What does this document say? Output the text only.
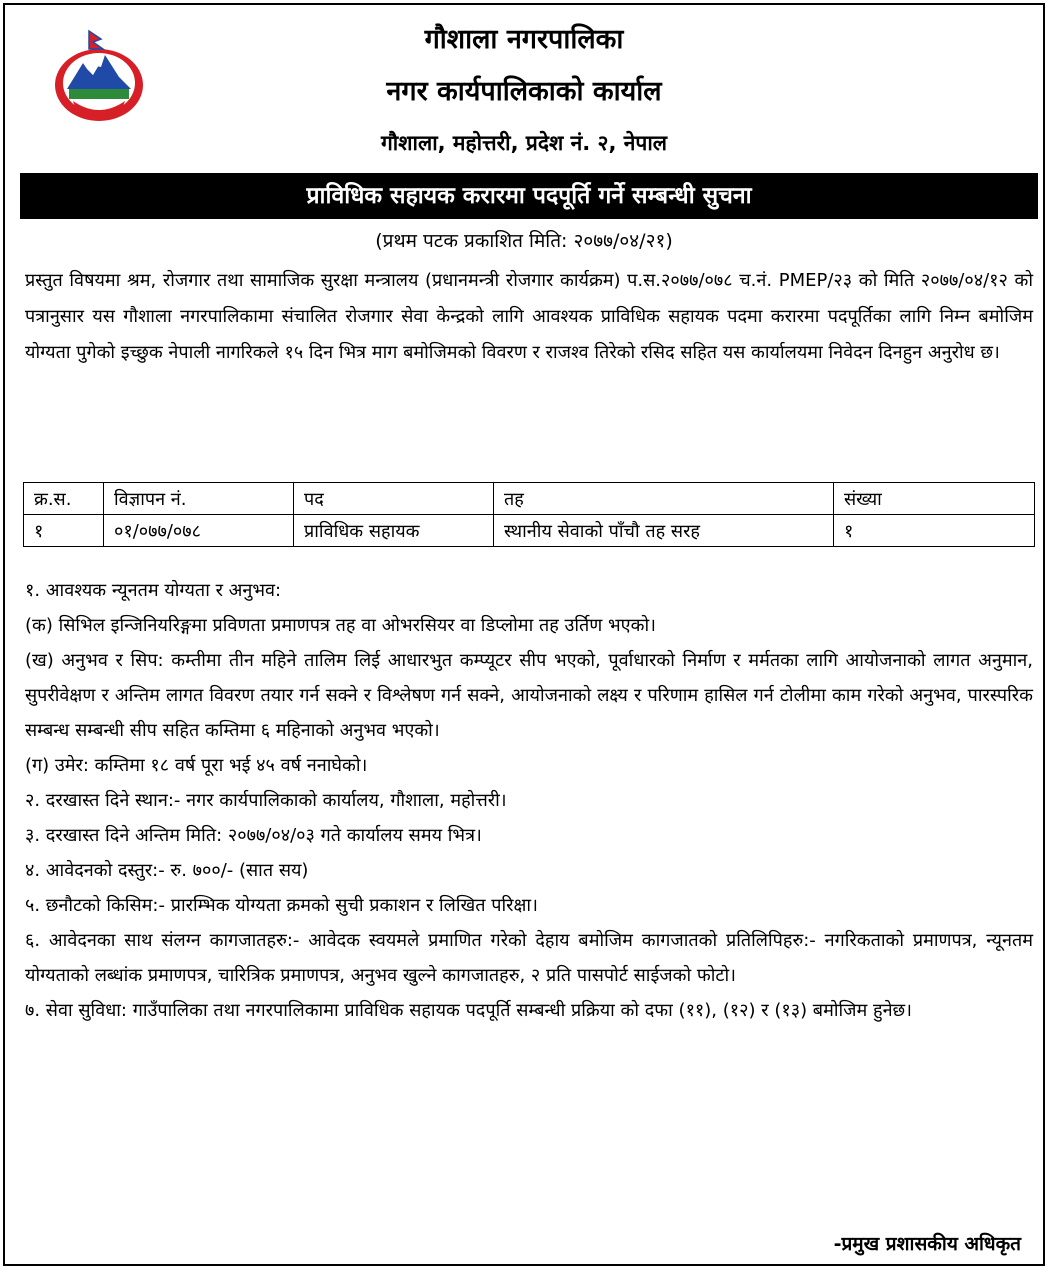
गौशाला नगरपालिका
नगर कार्यपालिकाको कार्याल
गौशाला, महोत्तरी, प्रदेश नं. २, नेपाल
प्राविधिक सहायक करारमा पदपूर्ति गर्ने सम्बन्धी सुचना
(प्रथम पटक प्रकाशित मिति: २०७७/०४/२१)
प्रस्तुत विषयमा श्रम, रोजगार तथा सामाजिक सुरक्षा मन्त्रालय (प्रधानमन्त्री रोजगार कार्यक्रम) प.स.२०७७/०७८ च.नं. PMEP/२३ को मिति २०७७/०४/१२ को पत्रानुसार यस गौशाला नगरपालिकामा संचालित रोजगार सेवा केन्द्रको लागि आवश्यक प्राविधिक सहायक पदमा करारमा पदपूर्तिका लागि निम्न बमोजिम योग्यता पुगेको इच्छुक नेपाली नागरिकले १५ दिन भित्र माग बमोजिमको विवरण र राजश्व तिरेको रसिद सहित यस कार्यालयमा निवेदन दिनहुन अनुरोध छ।
क्र.स.	विज्ञापन नं.	पद	तह	संख्या
१	०१/०७७/०७८	प्राविधिक सहायक	स्थानीय सेवाको पाँचौ तह सरह	१
१. आवश्यक न्यूनतम योग्यता र अनुभव:
(क) सिभिल इन्जिनियरिङ्गमा प्रविणता प्रमाणपत्र तह वा ओभरसियर वा डिप्लोमा तह उर्तिण भएको।
(ख) अनुभव र सिप: कम्तीमा तीन महिने तालिम लिई आधारभुत कम्प्यूटर सीप भएको, पूर्वाधारको निर्माण र मर्मतका लागि आयोजनाको लागत अनुमान, सुपरीवेक्षण र अन्तिम लागत विवरण तयार गर्न सक्ने र विश्लेषण गर्न सक्ने, आयोजनाको लक्ष्य र परिणाम हासिल गर्न टोलीमा काम गरेको अनुभव, पारस्परिक सम्बन्ध सम्बन्धी सीप सहित कम्तिमा ६ महिनाको अनुभव भएको।
(ग) उमेर: कम्तिमा १८ वर्ष पूरा भई ४५ वर्ष ननाघेको।
२. दरखास्त दिने स्थान:- नगर कार्यपालिकाको कार्यालय, गौशाला, महोत्तरी।
३. दरखास्त दिने अन्तिम मिति: २०७७/०४/०३ गते कार्यालय समय भित्र।
४. आवेदनको दस्तुर:- रु. ७००/- (सात सय)
५. छनौटको किसिम:- प्रारम्भिक योग्यता क्रमको सुची प्रकाशन र लिखित परिक्षा।
६. आवेदनका साथ संलग्न कागजातहरु:- आवेदक स्वयमले प्रमाणित गरेको देहाय बमोजिम कागजातको प्रतिलिपिहरु:- नगरिकताको प्रमाणपत्र, न्यूनतम योग्यताको लब्धांक प्रमाणपत्र, चारित्रिक प्रमाणपत्र, अनुभव खुल्ने कागजातहरु, २ प्रति पासपोर्ट साईजको फोटो।
७. सेवा सुविधा: गाउँपालिका तथा नगरपालिकामा प्राविधिक सहायक पदपूर्ति सम्बन्धी प्रक्रिया को दफा (११), (१२) र (१३) बमोजिम हुनेछ।
-प्रमुख प्रशासकीय अधिकृत
